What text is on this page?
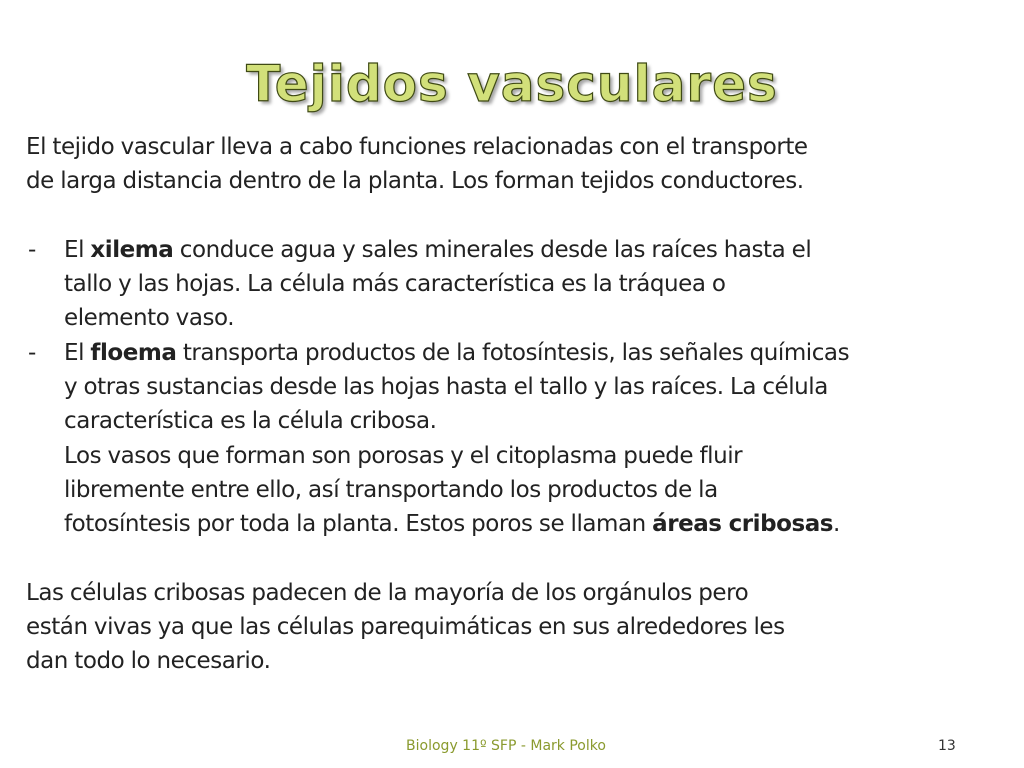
Tejidos vasculares

El tejido vascular lleva a cabo funciones relacionadas con el transporte

de larga distancia dentro de la planta. Los forman tejidos conductores.

- El xilema conduce agua y sales minerales desde las raíces hasta el

tallo y las hojas. La célula más característica es la tráquea o

elemento vaso.

- El floema transporta productos de la fotosíntesis, las señales químicas

y otras sustancias desde las hojas hasta el tallo y las raíces. La célula

característica es la célula cribosa.

Los vasos que forman son porosas y el citoplasma puede fluir

libremente entre ello, así transportando los productos de la

fotosíntesis por toda la planta. Estos poros se llaman áreas cribosas.

Las células cribosas padecen de la mayoría de los orgánulos pero

están vivas ya que las células parequimáticas en sus alrededores les

dan todo lo necesario.

Biology 11º SFP - Mark Polko	13
